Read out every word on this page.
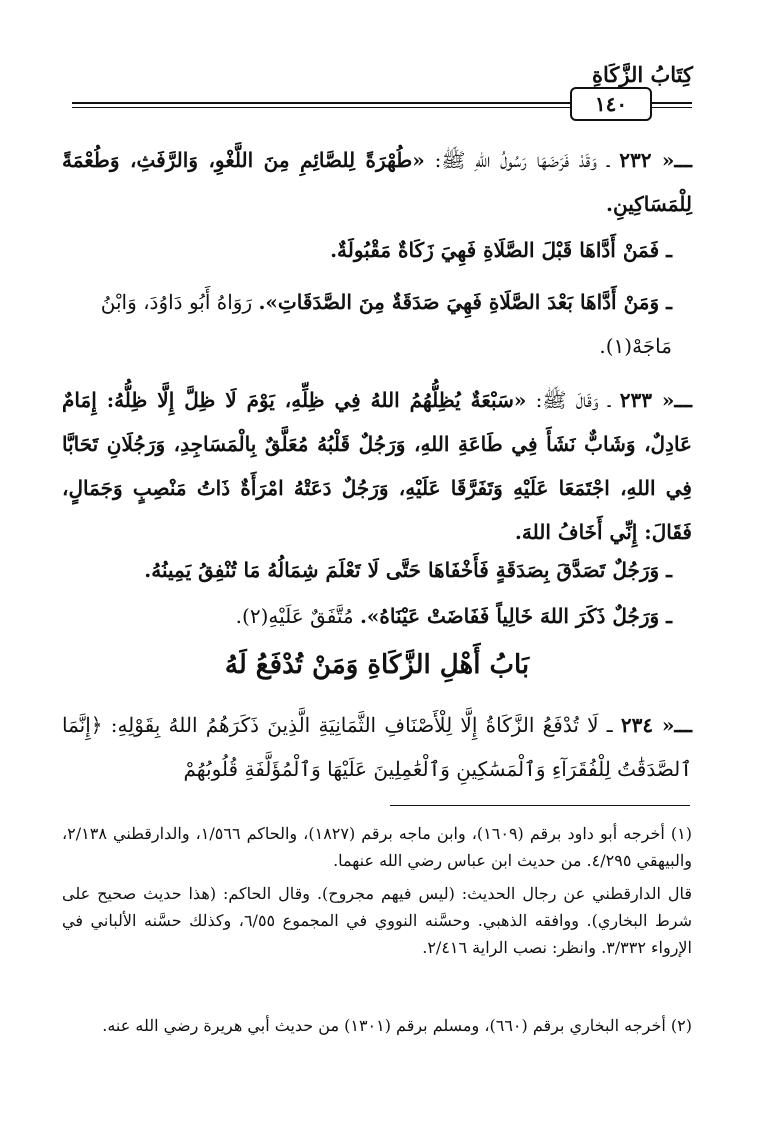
كِتَابُ الزَّكَاةِ
١٤٠
ـــ« ٢٣٢ ـ وَقَدْ فَرَضَهَا رَسُولُ اللهِ ﷺ: «طُهْرَةً لِلصَّائِمِ مِنَ اللَّغْوِ، وَالرَّفَثِ، وَطُعْمَةً لِلْمَسَاكِينِ.
ـ فَمَنْ أَدَّاهَا قَبْلَ الصَّلَاةِ فَهِيَ زَكَاةٌ مَقْبُولَةٌ.
ـ وَمَنْ أَدَّاهَا بَعْدَ الصَّلَاةِ فَهِيَ صَدَقَةٌ مِنَ الصَّدَقَاتِ». رَوَاهُ أَبُو دَاوُدَ، وَابْنُ مَاجَهْ(١).
ـــ« ٢٣٣ ـ وَقَالَ ﷺ: «سَبْعَةٌ يُظِلُّهُمُ اللهُ فِي ظِلِّهِ، يَوْمَ لَا ظِلَّ إِلَّا ظِلُّهُ: إِمَامٌ عَادِلٌ، وَشَابٌّ نَشَأَ فِي طَاعَةِ اللهِ، وَرَجُلٌ قَلْبُهُ مُعَلَّقٌ بِالْمَسَاجِدِ، وَرَجُلَانِ تَحَابَّا فِي اللهِ، اجْتَمَعَا عَلَيْهِ وَتَفَرَّقَا عَلَيْهِ، وَرَجُلٌ دَعَتْهُ امْرَأَةٌ ذَاتُ مَنْصِبٍ وَجَمَالٍ، فَقَالَ: إِنِّي أَخَافُ اللهَ.
ـ وَرَجُلٌ تَصَدَّقَ بِصَدَقَةٍ فَأَخْفَاهَا حَتَّى لَا تَعْلَمَ شِمَالُهُ مَا تُنْفِقُ يَمِينُهُ.
ـ وَرَجُلٌ ذَكَرَ اللهَ خَالِياً فَفَاضَتْ عَيْنَاهُ». مُتَّفَقٌ عَلَيْهِ(٢).
بَابُ أَهْلِ الزَّكَاةِ وَمَنْ تُدْفَعُ لَهُ
ـــ« ٢٣٤ ـ لَا تُدْفَعُ الزَّكَاةُ إِلَّا لِلْأَصْنَافِ الثَّمَانِيَةِ الَّذِينَ ذَكَرَهُمُ اللهُ بِقَوْلِهِ: ﴿إِنَّمَا ٱلصَّدَقَٰتُ لِلْفُقَرَآءِ وَٱلْمَسَٰكِينِ وَٱلْعَٰمِلِينَ عَلَيْهَا وَٱلْمُؤَلَّفَةِ قُلُوبُهُمْ
(١) أخرجه أبو داود برقم (١٦٠٩)، وابن ماجه برقم (١٨٢٧)، والحاكم ١/٥٦٦، والدارقطني ٢/١٣٨، والبيهقي ٤/٢٩٥. من حديث ابن عباس رضي الله عنهما.
قال الدارقطني عن رجال الحديث: (ليس فيهم مجروح). وقال الحاكم: (هذا حديث صحيح على شرط البخاري). ووافقه الذهبي. وحسَّنه النووي في المجموع ٦/٥٥، وكذلك حسَّنه الألباني في الإرواء ٣/٣٣٢. وانظر: نصب الراية ٢/٤١٦.
(٢) أخرجه البخاري برقم (٦٦٠)، ومسلم برقم (١٣٠١) من حديث أبي هريرة رضي الله عنه.
